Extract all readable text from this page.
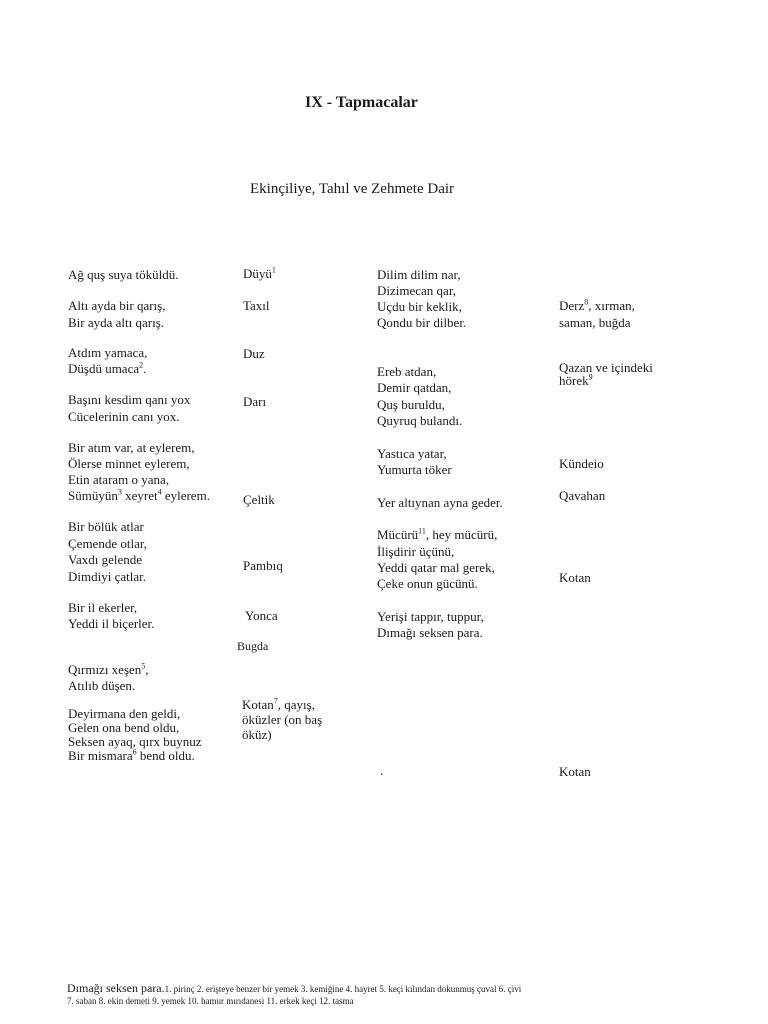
IX - Tapmacalar
Ekinçiliye, Tahıl ve Zehmete Dair
Ağ quş suya töküldü.
Altı ayda bir qarış,
Bir ayda altı qarış.
Atdım yamaca,
Düşdü umaca$^2$.
Başını kesdim qanı yox
Cücelerinin canı yox.
Bir atım var, at eylerem,
Ölerse minnet eylerem,
Etin ataram o yana,
Sümüyün$^3$ xeyret$^4$ eylerem.
Bir bölük atlar
Çemende otlar,
Vaxdı gelende
Dimdiyi çatlar.
Bir il ekerler,
Yeddi il biçerler.
Qırmızı xeşen$^5$,
Atılıb düşen.
Deyirmana den geldi,
Gelen ona bend oldu,
Seksen ayaq, qırx buynuz
Bir mismara$^6$ bend oldu.
Düyü$^1$
Taxıl
Duz
Darı
Çeltik
Pambıq
Yonca
Bugda
Kotan$^7$, qayış,
öküzler (on baş
öküz)
Dilim dilim nar,
Dizimecan qar,
Uçdu bir keklik,
Qondu bir dilber.
Ereb atdan,
Demir qatdan,
Quş buruldu,
Quyruq bulandı.
Yastıca yatar,
Yumurta töker
Yer altıynan ayna geder.
Mücürü$^{11}$, hey mücürü,
İlişdirir üçünü,
Yeddi qatar mal gerek,
Çeke onun gücünü.
Yerişi tappır, tuppur,
Dımağı seksen para.
.
Derz$^8$, xırman,
saman, buğda
Qazan ve içindeki
hörek$^9$
Kündeio
Qavahan
Kotan
Kotan
Dımağı seksen para.1. pirinç 2. erişteye benzer bir yemek 3. kemiğine 4. hayret 5. keçi kılından dokunmuş çuval 6. çivi
7. saban 8. ekin demeti 9. yemek 10. hamur mırıdanesi 11. erkek keçi 12. tasma
